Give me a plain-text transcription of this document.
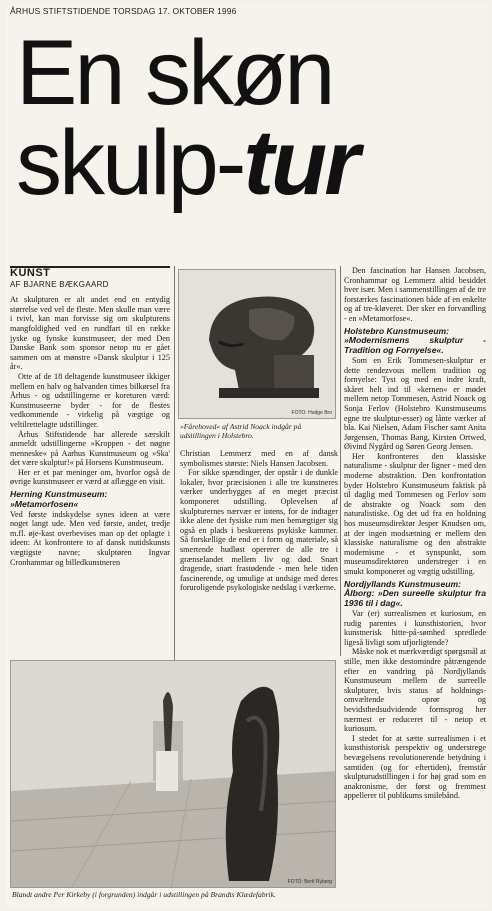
ÅRHUS STIFTSTIDENDE TORSDAG 17. OKTOBER 1996
En skøn
skulp-tur
KUNST
AF BJARNE BÆKGAARD

At skulpturen er alt andet end en entydig størrelse ved vel de fleste. Men skulle man være i tvivl, kan man forvisse sig om skulpturens mangfoldighed ved en rundfart til en række jyske og fynske kunstmuseer, der med Den Danske Bank som sponsor netop nu er gået sammen om at mønstre »Dansk skulptur i 125 år«.

Otte af de 18 deltagende kunstmuseer ikkiger mellem en halv og halvanden times bilkørsel fra Århus - og udstillingerne er koreturen værd: Kunstmuseerne byder - for de flestes vedkommende - virkelig på vægtige og veltilrettelagte udstillinger.

Århus Stiftstidende har allerede særskilt anmeldt udstillingerne »Kroppen - det nøgne menneske« på Aarhus Kunstmuseum og »Ska' det være skulptur!« på Horsens Kunstmuseum.

Her er et par meninger om, hvorfor også de øvrige kunstmuseer er værd at aflægge en visit.

Herning Kunstmuseum:
»Metamorfosen«

Ved første indskydelse synes ideen at være noget langt ude. Men ved første, andet, tredje m.fl. øje-kast overbevises man op det oplagte i ideen: At konfrontere to af dansk nutidskunsts vægtigste navne; skulptøren Ingvar Cronhammar og billedkunstneren

FOTO: Hudge Bro
»Fårehoved« af Astrid Noack indgår på udstillingen i Holstebro.

Christian Lemmerz med en af dansk symbolismes største: Niels Hansen Jacobsen.

For sikke spændinger, der opstår i de dunkle lokaler, hvor præcisionen i alle tre kunstneres værker underbygges af en meget præcist komponeret udstilling. Oplevelsen af skulpturernes nærvær er intens, for de indtager ikke alene det fysiske rum men bemægtiger sig også en plads i beskuerens psykiske kammer. Så forskellige de end er i form og materiale, så smertende hudløst opererer de alle tre i grænselandet mellem liv og død. Snart dragende, snart frastødende - men hele tiden fascinerende, og umulige at undsige med deres foruroligende psykologiske nedslag i værkerne.

Den fascination har Hansen Jacobsen, Cronhammar og Lemmerz altid besiddet hver især. Men i sammenstillingen af de tre forstærkes fascinationen både af en enkelte og af tre-kløveret. Der sker en forvandling - en »Metamorfose«.

Holstebro Kunstmuseum:
»Modernismens skulptur - Tradition og Fornyelse«.

Som en Erik Tommesen-skulptur er dette rendezvous mellem tradition og fornyelse: Tyst og med en indre kraft, skåret helt ind til »kernen« er mødet mellem netop Tommesen, Astrid Noack og Sonja Ferlov (Holstebro Kunstmuseums egne tre skulptur-esser) og lånte værker af bla. Kai Nielsen, Adam Fischer samt Anita Jørgensen, Thomas Bang, Kirsten Ortwed, Øivind Nygård og Søren Georg Jensen.

Her konfronteres den klassiske naturalisme - skulptur der ligner - med den moderne abstraktion. Den konfrontation byder Holstebro Kunstmuseum faktisk på til daglig med Tommesen og Ferlov som de abstrakte og Noack som den naturalistiske. Og det ud fra en holdning hos museumsdirektør Jesper Knudsen om, at der ingen modsætning er mellem den klassiske naturalisme og den abstrakte modernisme - et synspunkt, som museumsdirektøren understreger i en smukt komponeret og vægtig udstilling.

Nordjyllands Kunstmuseum:
Ålborg: »Den sureelle skulptur fra 1936 til i dag«.

Var (er) surrealismen et kuriosum, en rudig parentes i kunsthistorien, hvor kunstnerisk hitte-på-sømhed spredlede ligeså livligt som ufjorligtende?

Måske nok et mærkværdigt spørgsmål at stille, men ikke destomindre påtrængende efter en vandring på Nordjyllands Kunstmuseum mellem de surreelle skulpturer, hvis status af holdnings-omvæltende oprør og bevidsthedsudvidende formsprog her nærmest er reduceret til - netop et kuriosum.

I stedet for at sætte surrealismen i et kunsthistorisk perspektiv og understrege bevægelsens revolutionerende betydning i samtiden (og for eftertiden), fremstår skulpturudstillingen i for høj grad som en anakronisme, der først og fremmest appellerer til publikums smilebånd.

FOTO: Bertl Ryberg
Blandt andre Per Kirkeby (i forgrunden) indgår i udstillingen på Brandts Klædefabrik.
